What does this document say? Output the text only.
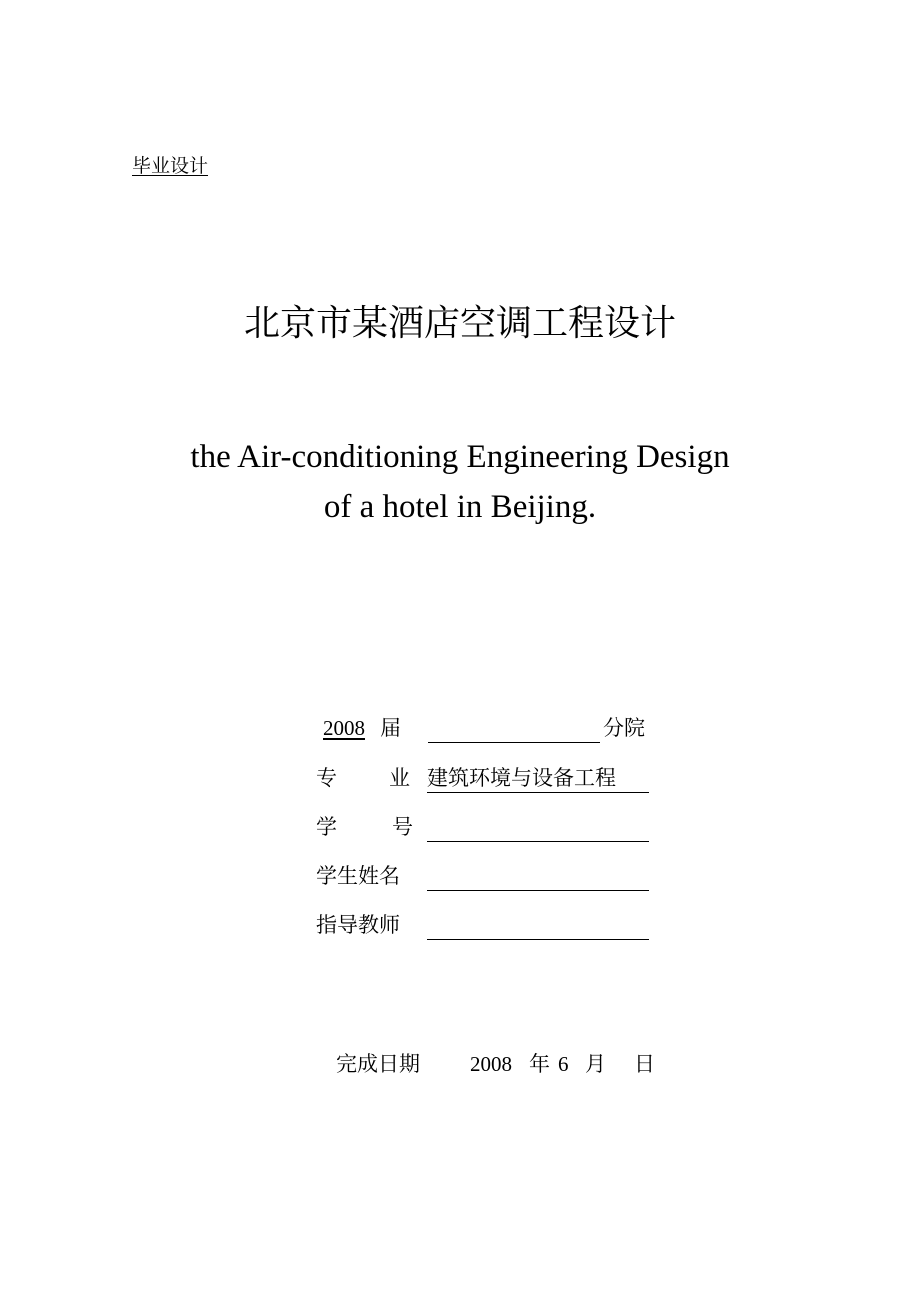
毕业设计
北京市某酒店空调工程设计
the Air-conditioning Engineering Design
of a hotel in Beijing.
2008 届	分院
专 业 建筑环境与设备工程
学	号
学生姓名
指导教师
完成日期 2008 年 6 月 日
